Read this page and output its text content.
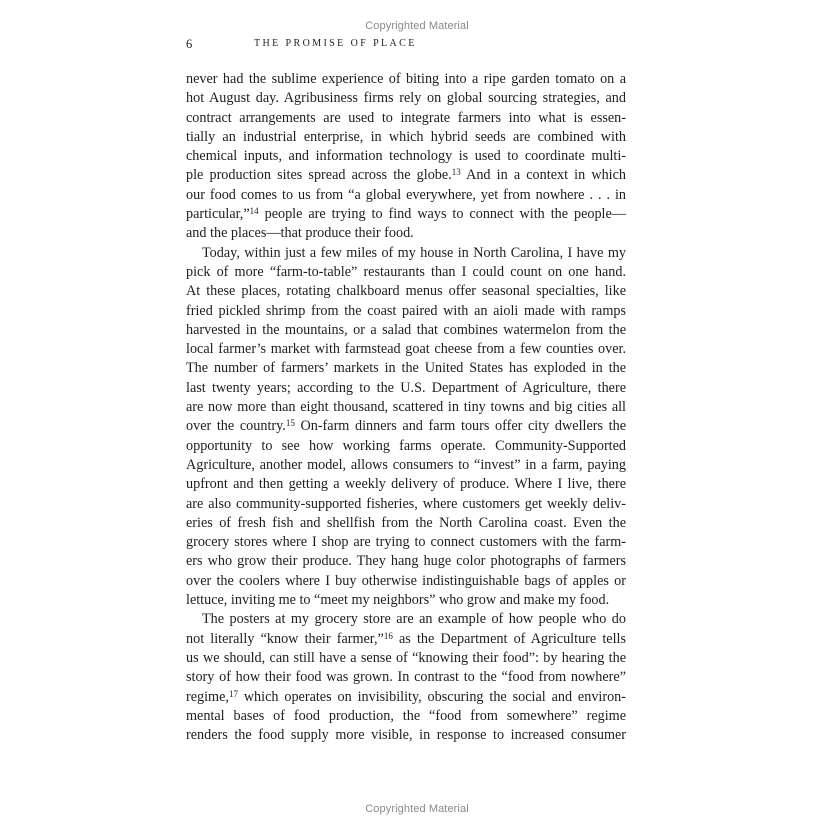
Copyrighted Material
6	THE PROMISE OF PLACE
never had the sublime experience of biting into a ripe garden tomato on a
hot August day. Agribusiness firms rely on global sourcing strategies, and
contract arrangements are used to integrate farmers into what is essen-
tially an industrial enterprise, in which hybrid seeds are combined with
chemical inputs, and information technology is used to coordinate multi-
ple production sites spread across the globe.$^{13}$ And in a context in which
our food comes to us from “a global everywhere, yet from nowhere . . . in
particular,”$^{14}$ people are trying to find ways to connect with the people—
and the places—that produce their food.
Today, within just a few miles of my house in North Carolina, I have my
pick of more “farm-to-table” restaurants than I could count on one hand.
At these places, rotating chalkboard menus offer seasonal specialties, like
fried pickled shrimp from the coast paired with an aioli made with ramps
harvested in the mountains, or a salad that combines watermelon from the
local farmer’s market with farmstead goat cheese from a few counties over.
The number of farmers’ markets in the United States has exploded in the
last twenty years; according to the U.S. Department of Agriculture, there
are now more than eight thousand, scattered in tiny towns and big cities all
over the country.$^{15}$ On-farm dinners and farm tours offer city dwellers the
opportunity to see how working farms operate. Community-Supported
Agriculture, another model, allows consumers to “invest” in a farm, paying
upfront and then getting a weekly delivery of produce. Where I live, there
are also community-supported fisheries, where customers get weekly deliv-
eries of fresh fish and shellfish from the North Carolina coast. Even the
grocery stores where I shop are trying to connect customers with the farm-
ers who grow their produce. They hang huge color photographs of farmers
over the coolers where I buy otherwise indistinguishable bags of apples or
lettuce, inviting me to “meet my neighbors” who grow and make my food.
The posters at my grocery store are an example of how people who do
not literally “know their farmer,”$^{16}$ as the Department of Agriculture tells
us we should, can still have a sense of “knowing their food”: by hearing the
story of how their food was grown. In contrast to the “food from nowhere”
regime,$^{17}$ which operates on invisibility, obscuring the social and environ-
mental bases of food production, the “food from somewhere” regime
renders the food supply more visible, in response to increased consumer
Copyrighted Material
